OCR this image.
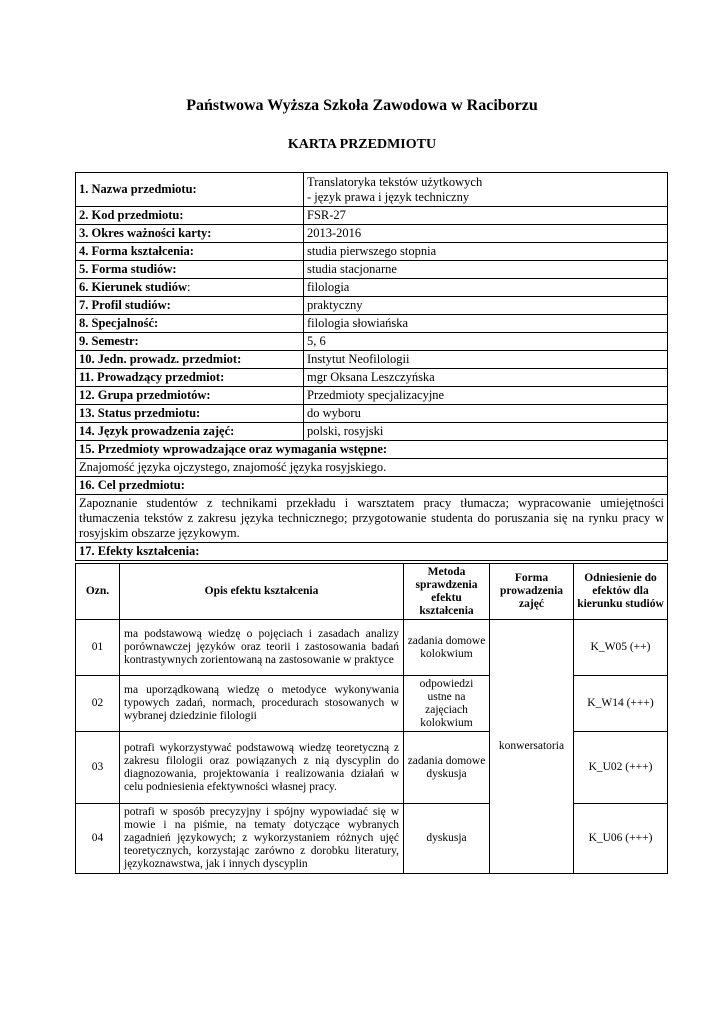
Państwowa Wyższa Szkoła Zawodowa w Raciborzu
KARTA PRZEDMIOTU
1. Nazwa przedmiotu:	Translatoryka tekstów użytkowych
- język prawa i język techniczny

2. Kod przedmiotu:	FSR-27
3. Okres ważności karty:	2013-2016
4. Forma kształcenia:	studia pierwszego stopnia
5. Forma studiów:	studia stacjonarne
6. Kierunek studiów:	filologia
7. Profil studiów:	praktyczny
8. Specjalność:	filologia słowiańska
9. Semestr:	5, 6
10. Jedn. prowadz. przedmiot:	Instytut Neofilologii
11. Prowadzący przedmiot:	mgr Oksana Leszczyńska
12. Grupa przedmiotów:	Przedmioty specjalizacyjne
13. Status przedmiotu:	do wyboru
14. Język prowadzenia zajęć:	polski, rosyjski
15. Przedmioty wprowadzające oraz wymagania wstępne:	
Znajomość języka ojczystego, znajomość języka rosyjskiego.	
16. Cel przedmiotu:	
Zapoznanie studentów z technikami przekładu i warsztatem pracy tłumacza; wypracowanie umiejętności tłumaczenia tekstów z zakresu języka technicznego; przygotowanie studenta do poruszania się na rynku pracy w rosyjskim obszarze językowym.	
17. Efekty kształcenia:	
Ozn.	Opis efektu kształcenia	Metoda sprawdzenia efektu kształcenia	Forma prowadzenia zajęć	Odniesienie do efektów dla kierunku studiów
01	ma podstawową wiedzę o pojęciach i zasadach analizy porównawczej języków oraz teorii i zastosowania badań kontrastywnych zorientowaną na zastosowanie w praktyce	zadania domowe kolokwium	konwersatoria	K_W05 (++)
02	ma uporządkowaną wiedzę o metodyce wykonywania typowych zadań, normach, procedurach stosowanych w wybranej dziedzinie filologii	odpowiedzi ustne na zajęciach kolokwium		K_W14 (+++)
03	potrafi wykorzystywać podstawową wiedzę teoretyczną z zakresu filologii oraz powiązanych z nią dyscyplin do diagnozowania, projektowania i realizowania działań w celu podniesienia efektywności własnej pracy.	zadania domowe dyskusja		K_U02 (+++)
04	potrafi w sposób precyzyjny i spójny wypowiadać się w mowie i na piśmie, na tematy dotyczące wybranych zagadnień językowych; z wykorzystaniem różnych ujęć teoretycznych, korzystając zarówno z dorobku literatury, językoznawstwa, jak i innych dyscyplin	dyskusja		K_U06 (+++)
